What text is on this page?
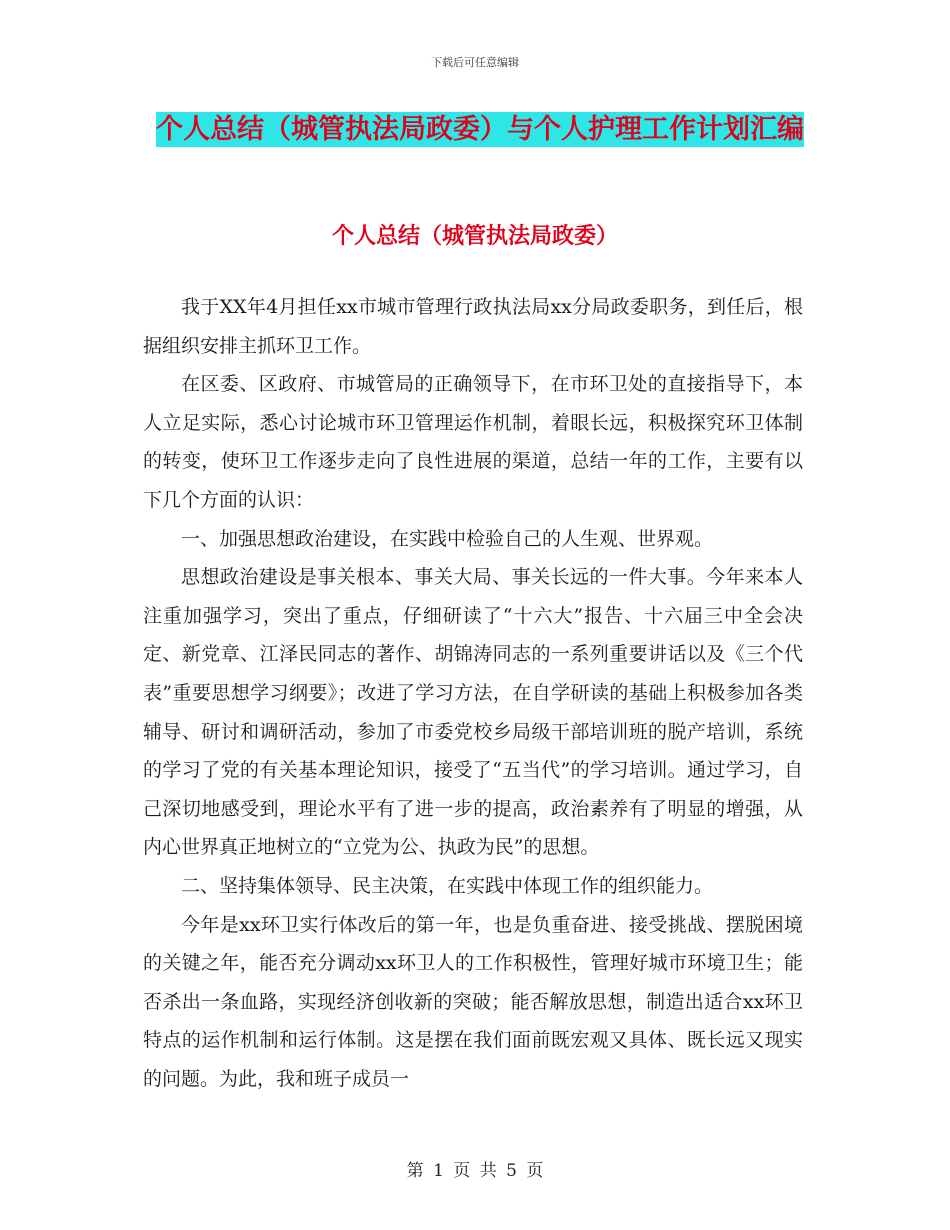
下载后可任意编辑
个人总结（城管执法局政委）与个人护理工作计划汇编
个人总结（城管执法局政委）

我于XX年4月担任xx市城市管理行政执法局xx分局政委职务，到任后，根据组织安排主抓环卫工作。

在区委、区政府、市城管局的正确领导下，在市环卫处的直接指导下，本人立足实际，悉心讨论城市环卫管理运作机制，着眼长远，积极探究环卫体制的转变，使环卫工作逐步走向了良性进展的渠道，总结一年的工作，主要有以下几个方面的认识：

一、加强思想政治建设，在实践中检验自己的人生观、世界观。

思想政治建设是事关根本、事关大局、事关长远的一件大事。今年来本人注重加强学习，突出了重点，仔细研读了“十六大”报告、十六届三中全会决定、新党章、江泽民同志的著作、胡锦涛同志的一系列重要讲话以及《三个代表”重要思想学习纲要》；改进了学习方法，在自学研读的基础上积极参加各类辅导、研讨和调研活动，参加了市委党校乡局级干部培训班的脱产培训，系统的学习了党的有关基本理论知识，接受了“五当代”的学习培训。通过学习，自己深切地感受到，理论水平有了进一步的提高，政治素养有了明显的增强，从内心世界真正地树立的“立党为公、执政为民”的思想。

二、坚持集体领导、民主决策，在实践中体现工作的组织能力。

今年是xx环卫实行体改后的第一年，也是负重奋进、接受挑战、摆脱困境的关键之年，能否充分调动xx环卫人的工作积极性，管理好城市环境卫生；能否杀出一条血路，实现经济创收新的突破；能否解放思想，制造出适合xx环卫特点的运作机制和运行体制。这是摆在我们面前既宏观又具体、既长远又现实的问题。为此，我和班子成员一

第 1 页 共 5 页
